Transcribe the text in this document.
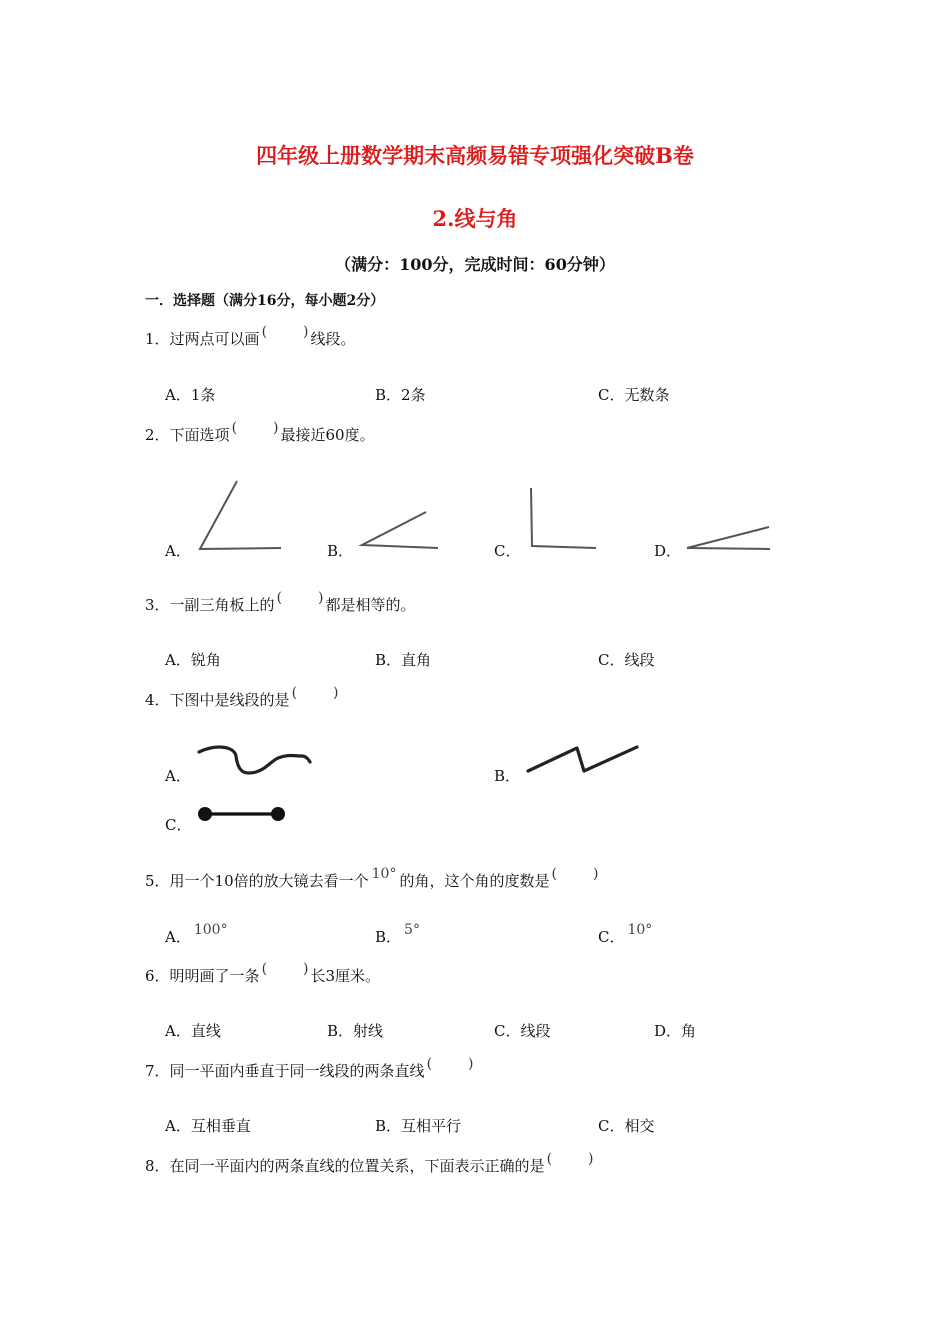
四年级上册数学期末高频易错专项强化突破B卷
2.线与角
（满分：100分，完成时间：60分钟）
一．选择题（满分16分，每小题2分）
1．过两点可以画 (	) 线段。
A．1条	B．2条	C．无数条
2．下面选项 (	) 最接近60度。
A．	B．	C．	D．
3．一副三角板上的 (	) 都是相等的。
A．锐角	B．直角	C．线段
4．下图中是线段的是 (	)
A．	B．
C．
5．用一个10倍的放大镜去看一个 10° 的角，这个角的度数是 (	)
A． 100°	B． 5°	C． 10°
6．明明画了一条 (	) 长3厘米。
A．直线	B．射线	C．线段	D．角
7．同一平面内垂直于同一线段的两条直线 (	)
A．互相垂直	B．互相平行	C．相交
8．在同一平面内的两条直线的位置关系，下面表示正确的是 (	)
